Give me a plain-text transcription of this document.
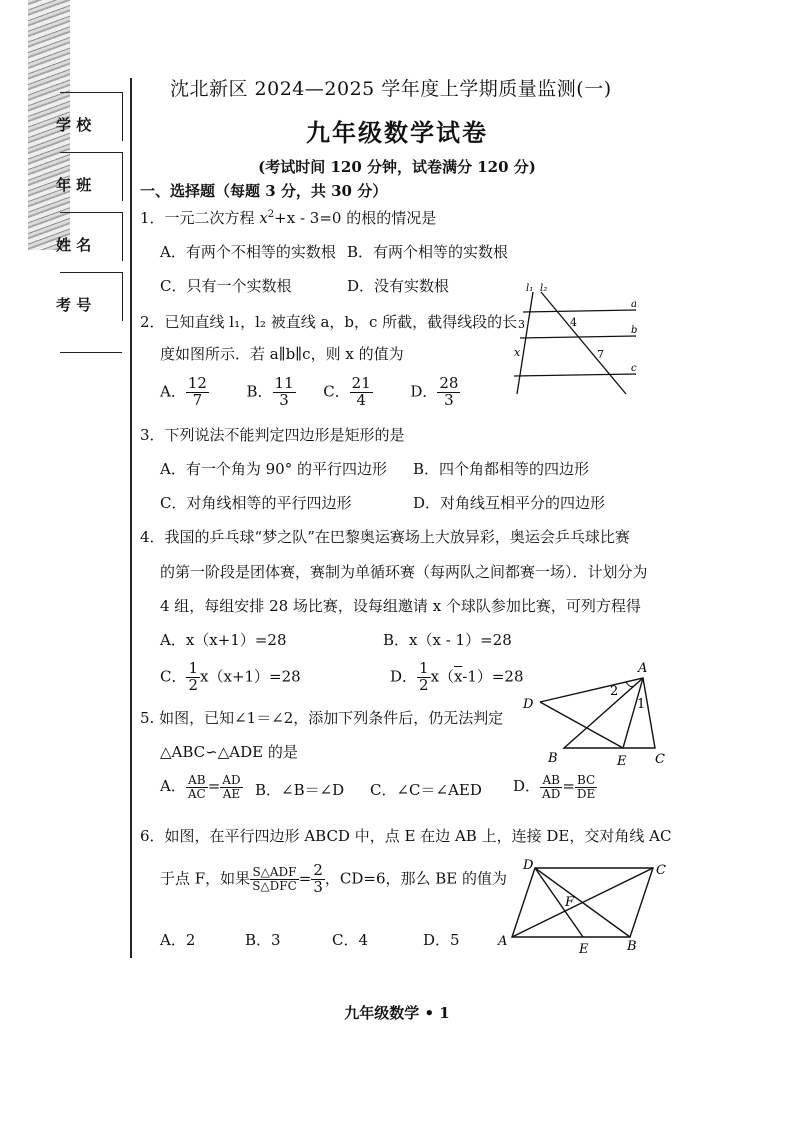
学 校
年 班
姓 名
考 号
沈北新区 2024—2025 学年度上学期质量监测(一)
九年级数学试卷
(考试时间 120 分钟，试卷满分 120 分)
一、选择题（每题 3 分，共 30 分）
1．一元二次方程 $x^2+x - 3=0$ 的根的情况是
A．有两个不相等的实数根 B．有两个相等的实数根
C．只有一个实数根	D．没有实数根
2．已知直线 l₁，l₂ 被直线 a，b，c 所截，截得线段的长
度如图所示．若 a∥b∥c，则 x 的值为
A． $\frac{12}{7}$	B． $\frac{11}{3}$ C． $\frac{21}{4}$	D． $\frac{28}{3}$
l₁ l₂
a
b
c
3	4
x	7
3．下列说法不能判定四边形是矩形的是
A．有一个角为 90° 的平行四边形 B．四个角都相等的四边形
C．对角线相等的平行四边形	D．对角线互相平分的四边形
4．我国的乒乓球“梦之队”在巴黎奥运赛场上大放异彩，奥运会乒乓球比赛
的第一阶段是团体赛，赛制为单循环赛（每两队之间都赛一场）．计划分为
4 组，每组安排 28 场比赛，设每组邀请 x 个球队参加比赛，可列方程得
A．x（x+1）=28	B．x（x - 1）=28
C． $\frac{1}{2} x(x+1)=28$	D． $\frac{1}{2} x(\overline{x}-1)=28$
5. 如图，已知∠1＝∠2，添加下列条件后，仍无法判定
△ABC∽△ADE 的是
A． $\frac{AB}{AC} = \frac{AD}{AE}$ B．∠B＝∠D C．∠C＝∠AED D． $\frac{AB}{AD} = \frac{BC}{DE}$
A
D
B	E C
2
1
6．如图，在平行四边形 ABCD 中，点 E 在边 AB 上，连接 DE，交对角线 AC
于点 F，如果 $\frac{\text{S△ADF}}{\text{S△DFC}} = \frac{2}{3}$ ，CD=6，那么 BE 的值为
A．2	B．3	C．4	D．5	A
D	C
B
E
F
九年级数学 • 1
